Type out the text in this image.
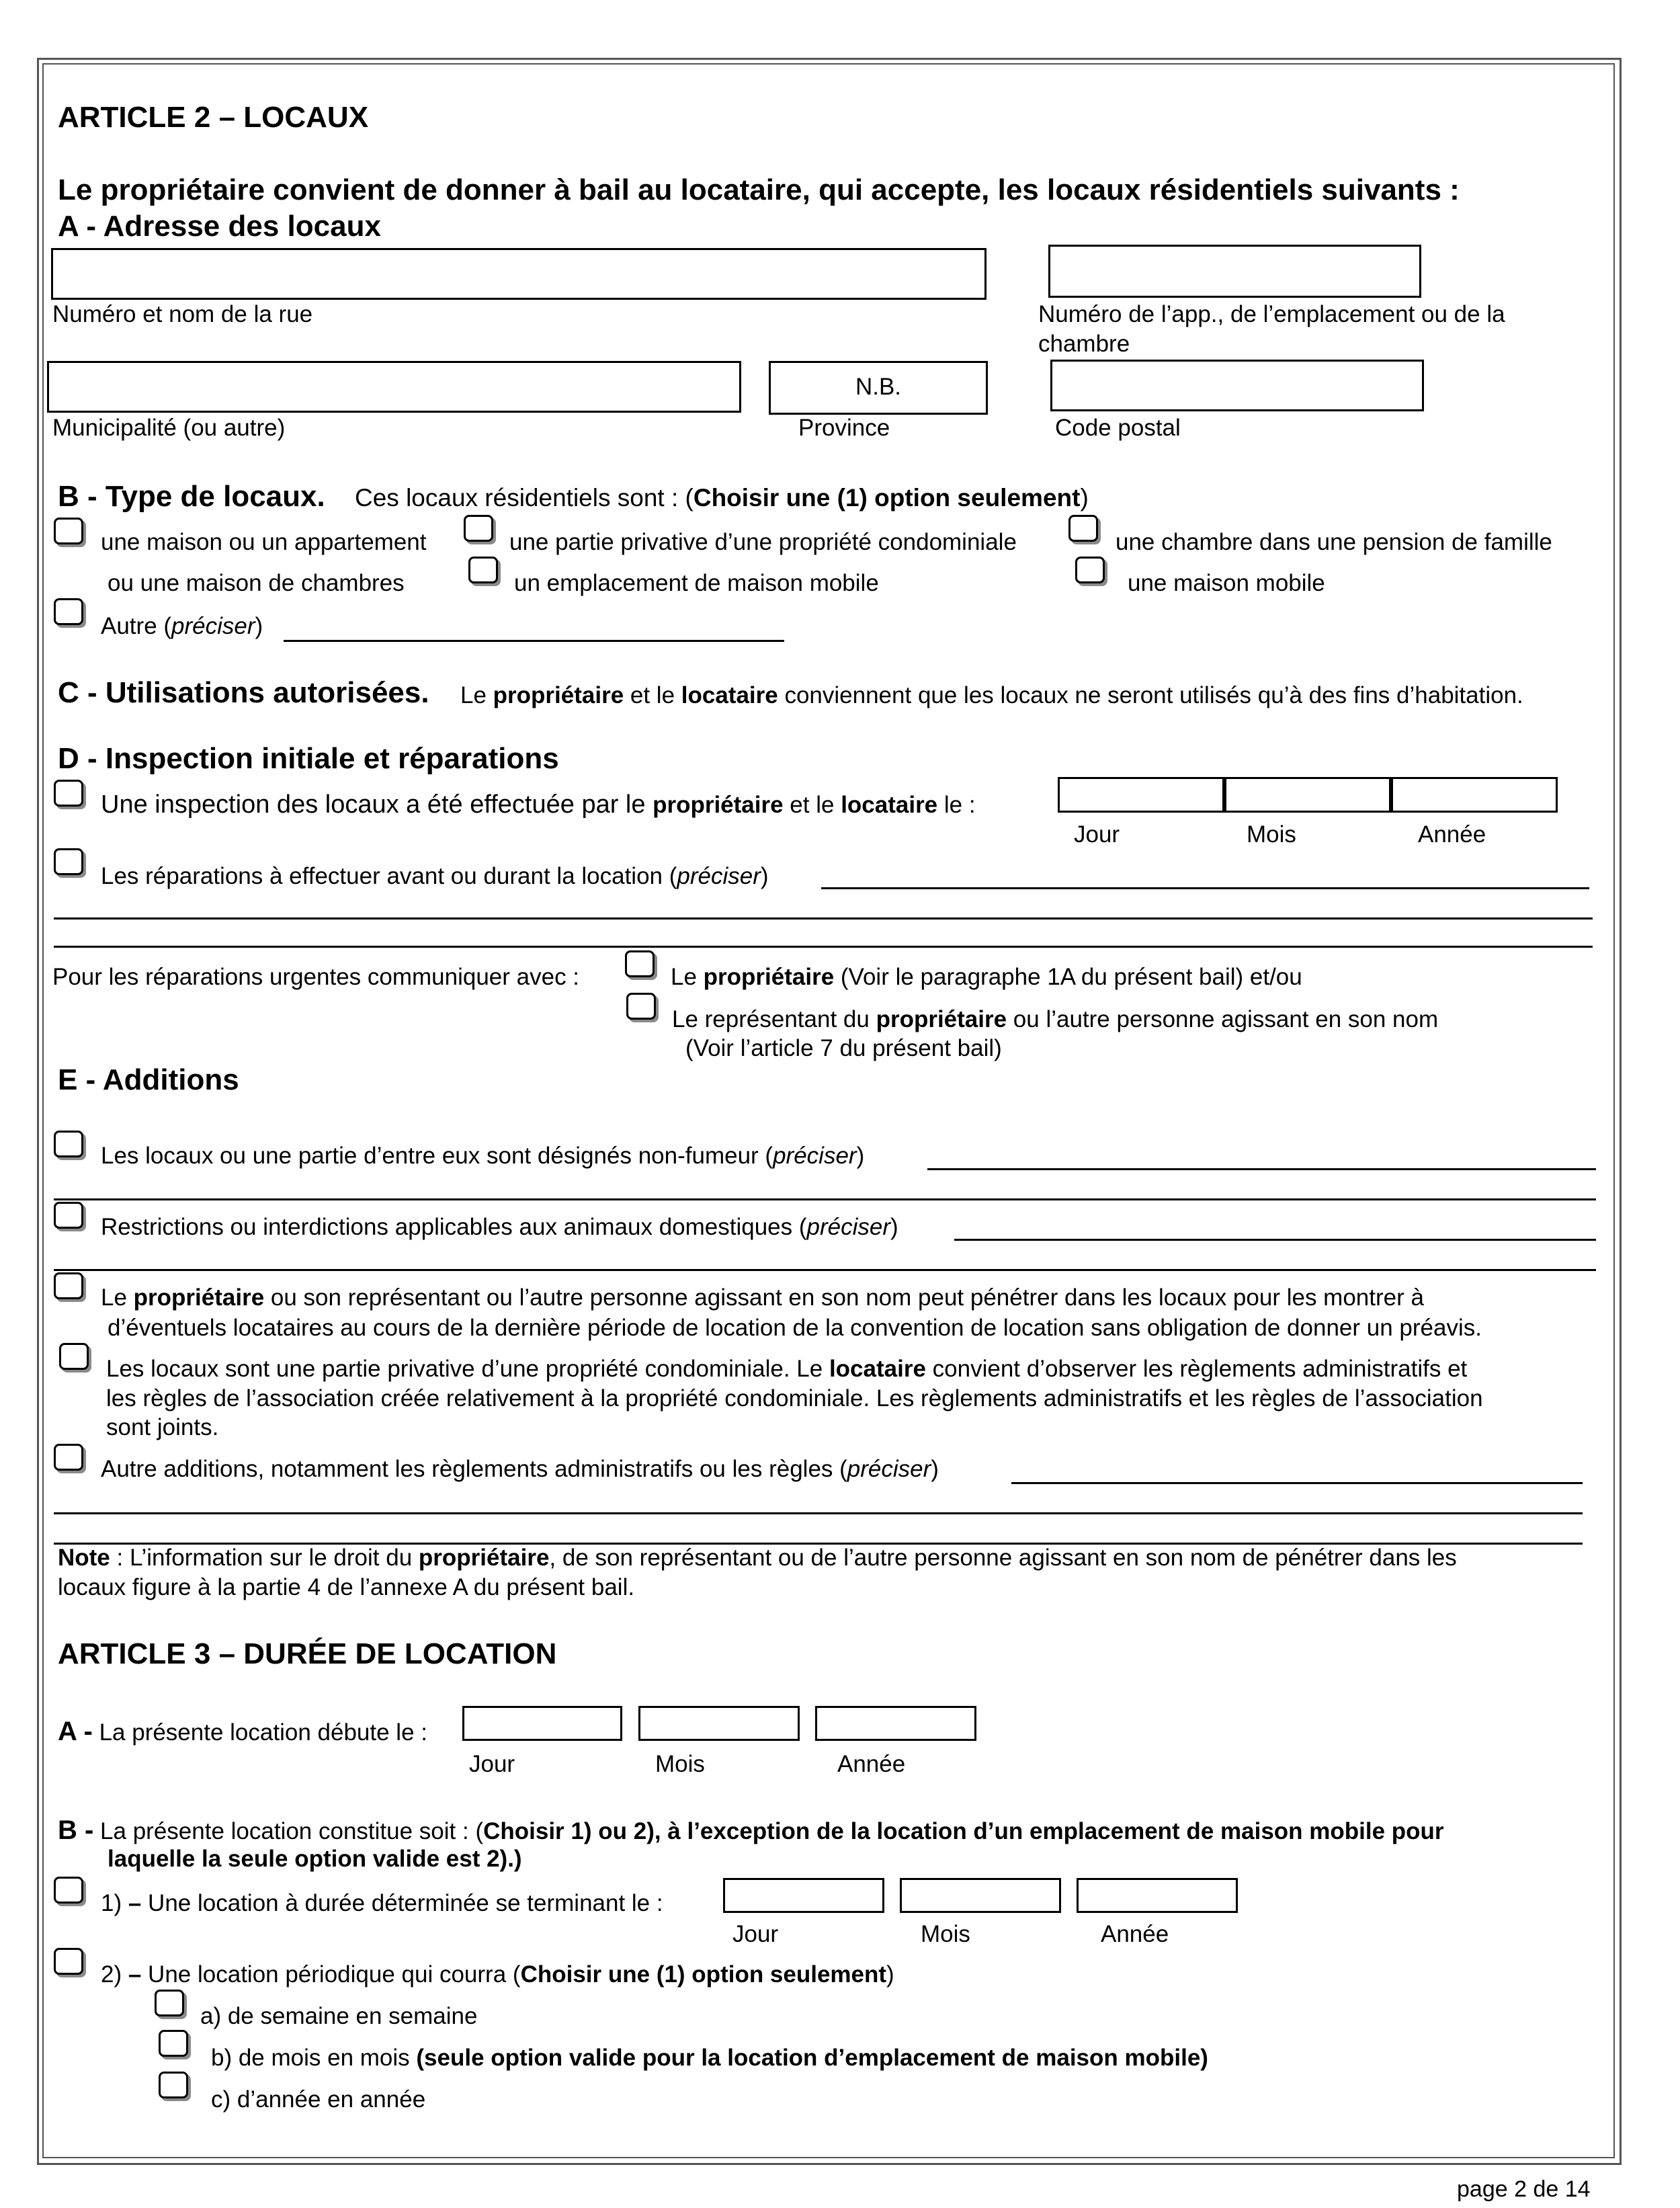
ARTICLE 2 – LOCAUX
Le propriétaire convient de donner à bail au locataire, qui accepte, les locaux résidentiels suivants :
A - Adresse des locaux
Numéro et nom de la rue	Numéro de l’app., de l’emplacement ou de la
chambre
N.B.
Municipalité (ou autre)	Province	Code postal
B - Type de locaux. Ces locaux résidentiels sont : (Choisir une (1) option seulement)
une maison ou un appartement	une partie privative d’une propriété condominiale	une chambre dans une pension de famille
ou une maison de chambres	un emplacement de maison mobile	une maison mobile
Autre (préciser)
C - Utilisations autorisées. Le propriétaire et le locataire conviennent que les locaux ne seront utilisés qu’à des fins d’habitation.
D - Inspection initiale et réparations
Une inspection des locaux a été effectuée par le propriétaire et le locataire le :
Jour	Mois	Année
Les réparations à effectuer avant ou durant la location (préciser)
Pour les réparations urgentes communiquer avec :	Le propriétaire (Voir le paragraphe 1A du présent bail) et/ou
Le représentant du propriétaire ou l’autre personne agissant en son nom
(Voir l’article 7 du présent bail)
E - Additions
Les locaux ou une partie d’entre eux sont désignés non-fumeur (préciser)
Restrictions ou interdictions applicables aux animaux domestiques (préciser)
Le propriétaire ou son représentant ou l’autre personne agissant en son nom peut pénétrer dans les locaux pour les montrer à
d’éventuels locataires au cours de la dernière période de location de la convention de location sans obligation de donner un préavis.
Les locaux sont une partie privative d’une propriété condominiale. Le locataire convient d’observer les règlements administratifs et
les règles de l’association créée relativement à la propriété condominiale. Les règlements administratifs et les règles de l’association
sont joints.
Autre additions, notamment les règlements administratifs ou les règles (préciser)
Note : L’information sur le droit du propriétaire, de son représentant ou de l’autre personne agissant en son nom de pénétrer dans les
locaux figure à la partie 4 de l’annexe A du présent bail.
ARTICLE 3 – DURÉE DE LOCATION
A - La présente location débute le :
Jour	Mois	Année
B - La présente location constitue soit : (Choisir 1) ou 2), à l’exception de la location d’un emplacement de maison mobile pour
laquelle la seule option valide est 2).)
1) – Une location à durée déterminée se terminant le :
Jour	Mois	Année
2) – Une location périodique qui courra (Choisir une (1) option seulement)
a) de semaine en semaine
b) de mois en mois (seule option valide pour la location d’emplacement de maison mobile)
c) d’année en année
page 2 de 14
